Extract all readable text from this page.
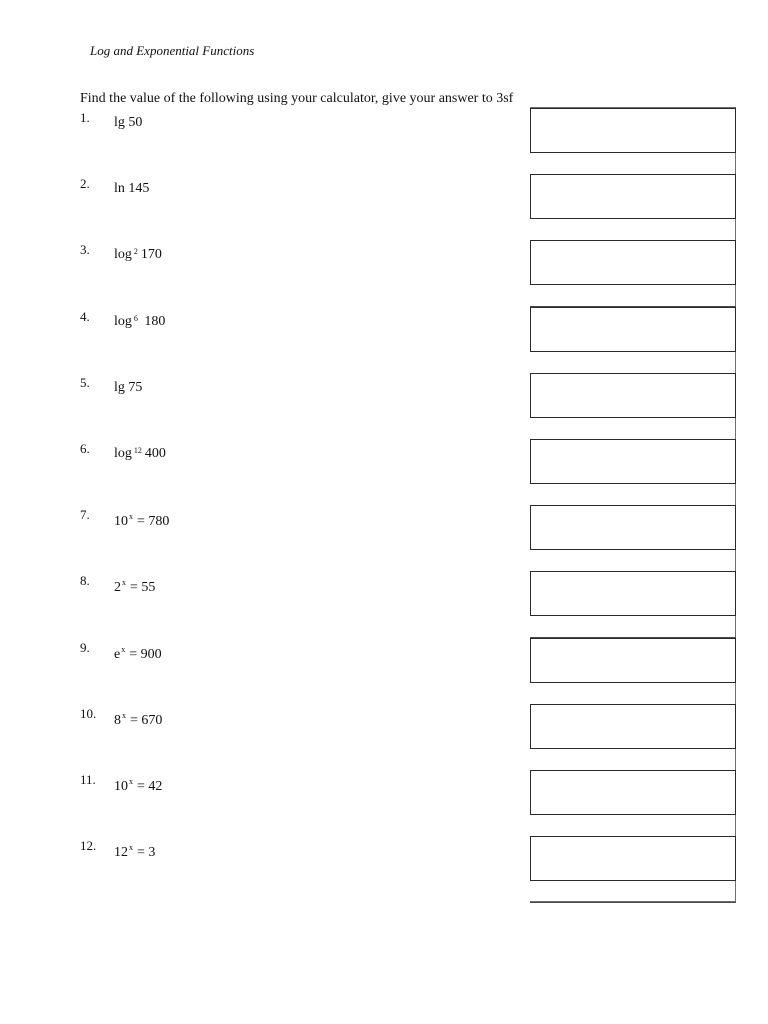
Log and Exponential Functions
Find the value of the following using your calculator, give your answer to 3sf
1. lg 50
2. ln 145
3. log $_2$ 170
4. log $_6$ 180
5. lg 75
6. log $_{12}$ 400
7. $10^x = 780$
8. $2^x = 55$
9. $e^x = 900$
10. $8^x = 670$
11. $10^x = 42$
12. $12^x = 3$
